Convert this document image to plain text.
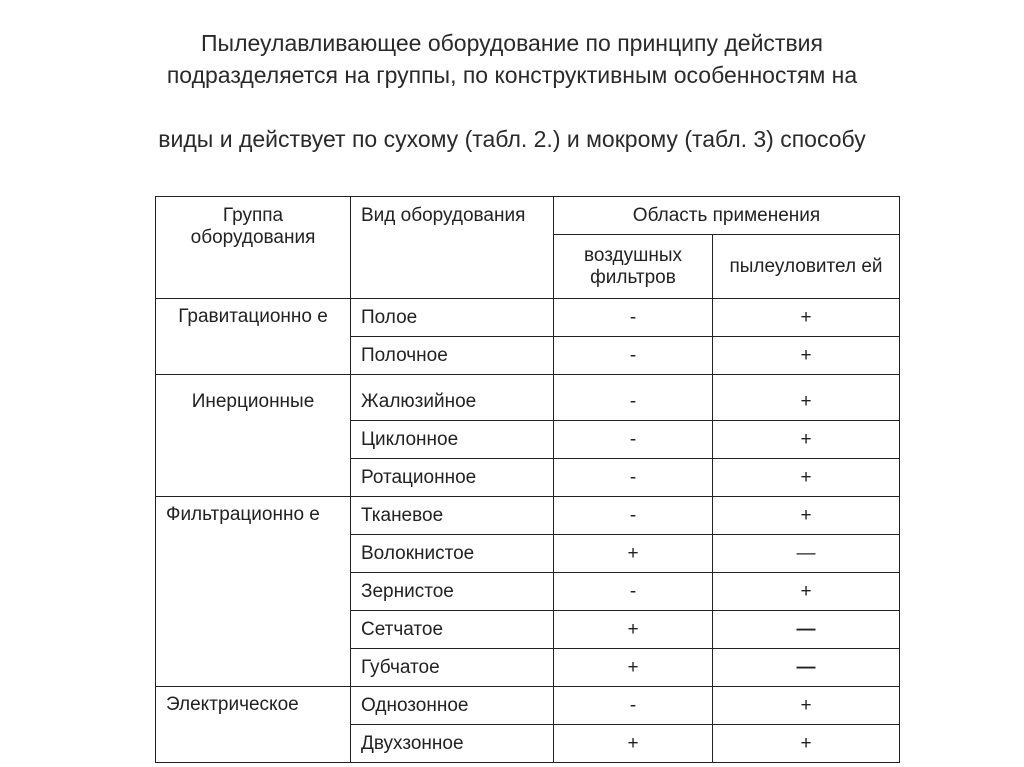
Пылеулавливающее оборудование по принципу действия
подразделяется на группы, по конструктивным особенностям на
виды и действует по сухому (табл. 2.) и мокрому (табл. 3) способу
Группа оборудования	Вид оборудования	Область применения	
		воздушных фильтров	пылеуловител ей
Гравитационно е	Полое	-	+
	Полочное	-	+
Инерционные	Жалюзийное	-	+
	Циклонное	-	+
	Ротационное	-	+
Фильтрационно е	Тканевое	-	+
	Волокнистое	+	—
	Зернистое	-	+
	Сетчатое	+	—
	Губчатое	+	—
Электрическое	Однозонное	-	+
	Двухзонное	+	+
